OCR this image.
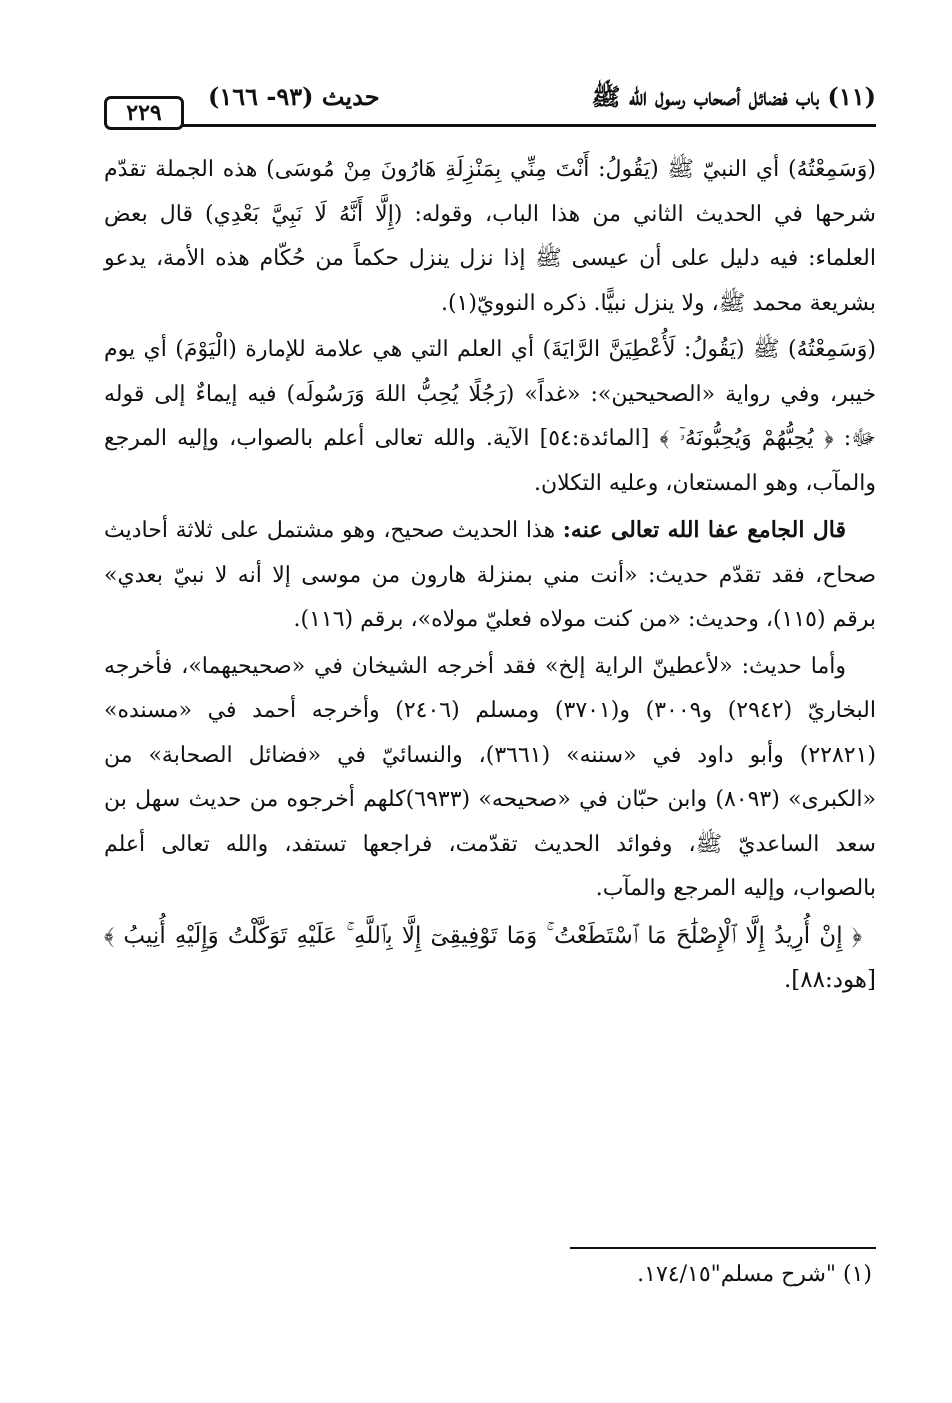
٢٢٩
حديث (٩٣- ١٦٦)	(١١) باب فضائل أصحاب رسول الله ﷺ

(وَسَمِعْتُهُ) أي النبيّ ﷺ (يَقُولُ: أَنْتَ مِنِّي بِمَنْزِلَةِ هَارُونَ مِنْ مُوسَى) هذه الجملة تقدّم شرحها في الحديث الثاني من هذا الباب، وقوله: (إِلَّا أَنَّهُ لَا نَبِيَّ بَعْدِي) قال بعض العلماء: فيه دليل على أن عيسى ﷺ إذا نزل ينزل حكماً من حُكّام هذه الأمة، يدعو بشريعة محمد ﷺ، ولا ينزل نبيًّا. ذكره النوويّ(١).

(وَسَمِعْتُهُ) ﷺ (يَقُولُ: لَأُعْطِيَنَّ الرَّايَةَ) أي العلم التي هي علامة للإمارة (الْيَوْمَ) أي يوم خيبر، وفي رواية «الصحيحين»: «غداً» (رَجُلًا يُحِبُّ اللهَ وَرَسُولَه) فيه إيماءٌ إلى قوله ﷻ: ﴿ يُحِبُّهُمْ وَيُحِبُّونَهُۥٓ ﴾ [المائدة:٥٤] الآية. والله تعالى أعلم بالصواب، وإليه المرجع والمآب، وهو المستعان، وعليه التكلان.

قال الجامع عفا الله تعالى عنه: هذا الحديث صحيح، وهو مشتمل على ثلاثة أحاديث صحاح، فقد تقدّم حديث: «أنت مني بمنزلة هارون من موسى إلا أنه لا نبيّ بعدي» برقم (١١٥)، وحديث: «من كنت مولاه فعليّ مولاه»، برقم (١١٦).

وأما حديث: «لأعطينّ الراية إلخ» فقد أخرجه الشيخان في «صحيحيهما»، فأخرجه البخاريّ (٢٩٤٢) و٣٠٠٩) و(٣٧٠١) ومسلم (٢٤٠٦) وأخرجه أحمد في «مسنده» (٢٢٨٢١) وأبو داود في «سننه» (٣٦٦١)، والنسائيّ في «فضائل الصحابة» من «الكبرى» (٨٠٩٣) وابن حبّان في «صحيحه» (٦٩٣٣)كلهم أخرجوه من حديث سهل بن سعد الساعديّ ﷺ، وفوائد الحديث تقدّمت، فراجعها تستفد، والله تعالى أعلم بالصواب، وإليه المرجع والمآب.

﴿ إِنْ أُرِيدُ إِلَّا ٱلْإِصْلَٰحَ مَا ٱسْتَطَعْتُ ۚ وَمَا تَوْفِيقِىٓ إِلَّا بِٱللَّهِ ۚ عَلَيْهِ تَوَكَّلْتُ وَإِلَيْهِ أُنِيبُ ﴾ [هود:٨٨].

(١) "شرح مسلم"١٧٤/١٥.
